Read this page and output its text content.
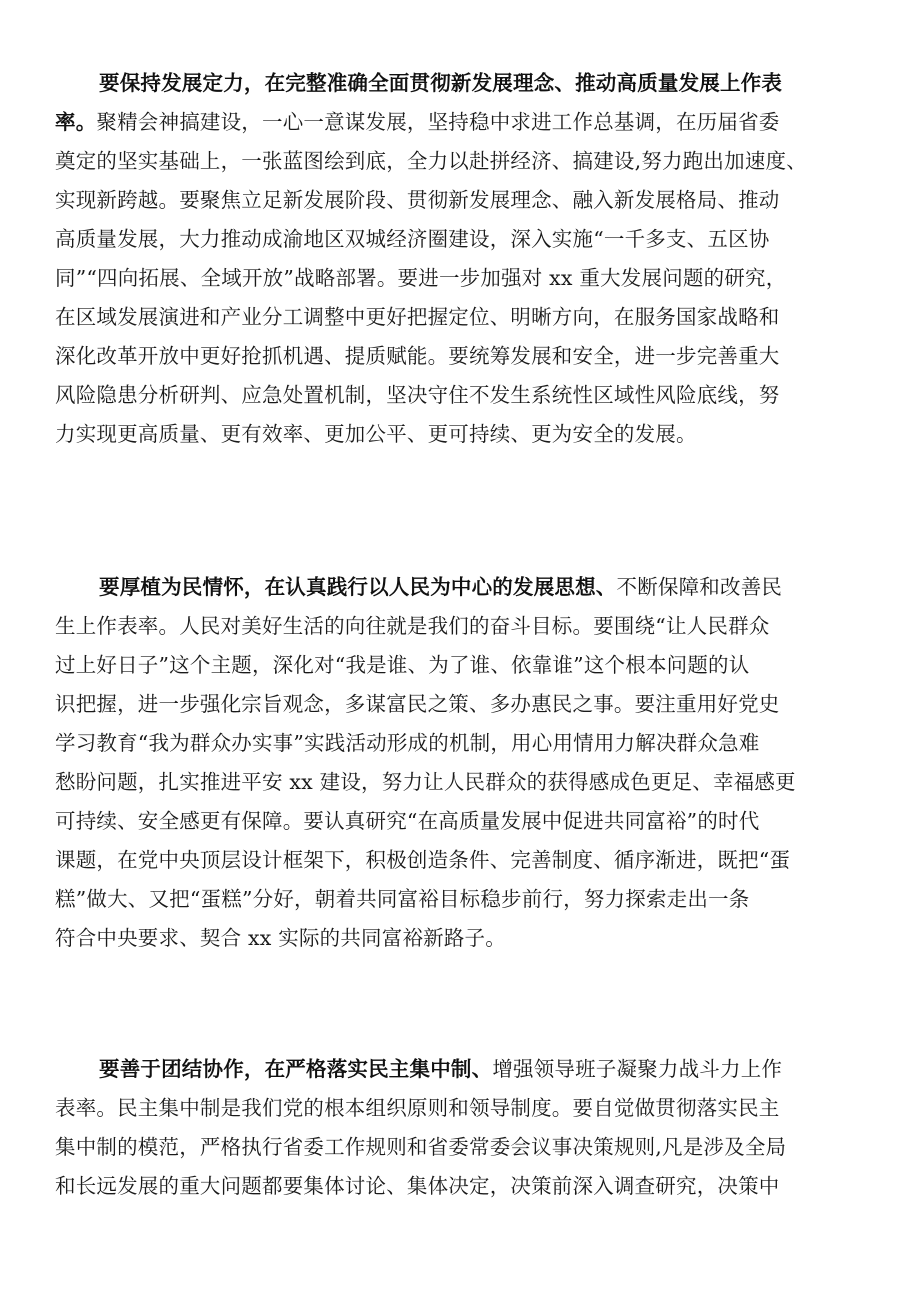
要保持发展定力，在完整准确全面贯彻新发展理念、推动高质量发展上作表
率。聚精会神搞建设，一心一意谋发展，坚持稳中求进工作总基调，在历届省委
奠定的坚实基础上，一张蓝图绘到底，全力以赴拼经济、搞建设,努力跑出加速度、
实现新跨越。要聚焦立足新发展阶段、贯彻新发展理念、融入新发展格局、推动
高质量发展，大力推动成渝地区双城经济圈建设，深入实施“一千多支、五区协
同”“四向拓展、全域开放”战略部署。要进一步加强对 xx 重大发展问题的研究，
在区域发展演进和产业分工调整中更好把握定位、明晰方向，在服务国家战略和
深化改革开放中更好抢抓机遇、提质赋能。要统筹发展和安全，进一步完善重大
风险隐患分析研判、应急处置机制，坚决守住不发生系统性区域性风险底线，努
力实现更高质量、更有效率、更加公平、更可持续、更为安全的发展。
要厚植为民情怀，在认真践行以人民为中心的发展思想、不断保障和改善民
生上作表率。人民对美好生活的向往就是我们的奋斗目标。要围绕“让人民群众
过上好日子”这个主题，深化对“我是谁、为了谁、依靠谁”这个根本问题的认
识把握，进一步强化宗旨观念，多谋富民之策、多办惠民之事。要注重用好党史
学习教育“我为群众办实事”实践活动形成的机制，用心用情用力解决群众急难
愁盼问题，扎实推进平安 xx 建设，努力让人民群众的获得感成色更足、幸福感更
可持续、安全感更有保障。要认真研究“在高质量发展中促进共同富裕”的时代
课题，在党中央顶层设计框架下，积极创造条件、完善制度、循序渐进，既把“蛋
糕”做大、又把“蛋糕”分好，朝着共同富裕目标稳步前行，努力探索走出一条
符合中央要求、契合 xx 实际的共同富裕新路子。
要善于团结协作，在严格落实民主集中制、增强领导班子凝聚力战斗力上作
表率。民主集中制是我们党的根本组织原则和领导制度。要自觉做贯彻落实民主
集中制的模范，严格执行省委工作规则和省委常委会议事决策规则,凡是涉及全局
和长远发展的重大问题都要集体讨论、集体决定，决策前深入调查研究，决策中
